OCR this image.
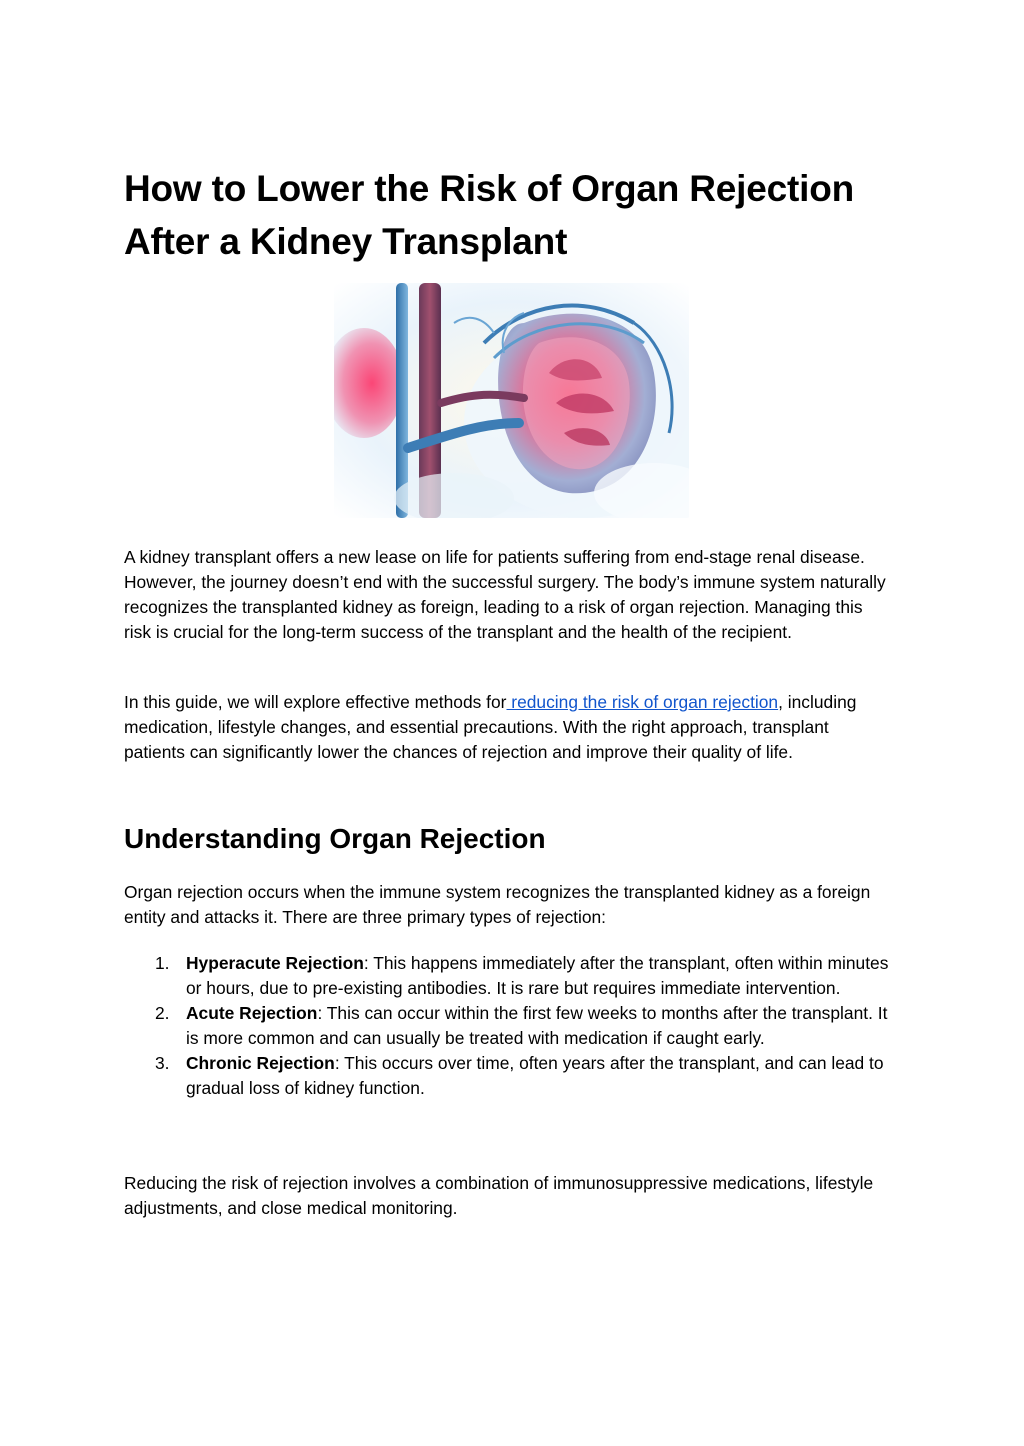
How to Lower the Risk of Organ Rejection After a Kidney Transplant

A kidney transplant offers a new lease on life for patients suffering from end-stage renal disease. However, the journey doesn’t end with the successful surgery. The body’s immune system naturally recognizes the transplanted kidney as foreign, leading to a risk of organ rejection. Managing this risk is crucial for the long-term success of the transplant and the health of the recipient.

In this guide, we will explore effective methods for reducing the risk of organ rejection, including medication, lifestyle changes, and essential precautions. With the right approach, transplant patients can significantly lower the chances of rejection and improve their quality of life.

Understanding Organ Rejection

Organ rejection occurs when the immune system recognizes the transplanted kidney as a foreign entity and attacks it. There are three primary types of rejection:

1. Hyperacute Rejection: This happens immediately after the transplant, often within minutes or hours, due to pre-existing antibodies. It is rare but requires immediate intervention.
2. Acute Rejection: This can occur within the first few weeks to months after the transplant. It is more common and can usually be treated with medication if caught early.
3. Chronic Rejection: This occurs over time, often years after the transplant, and can lead to gradual loss of kidney function.

Reducing the risk of rejection involves a combination of immunosuppressive medications, lifestyle adjustments, and close medical monitoring.
